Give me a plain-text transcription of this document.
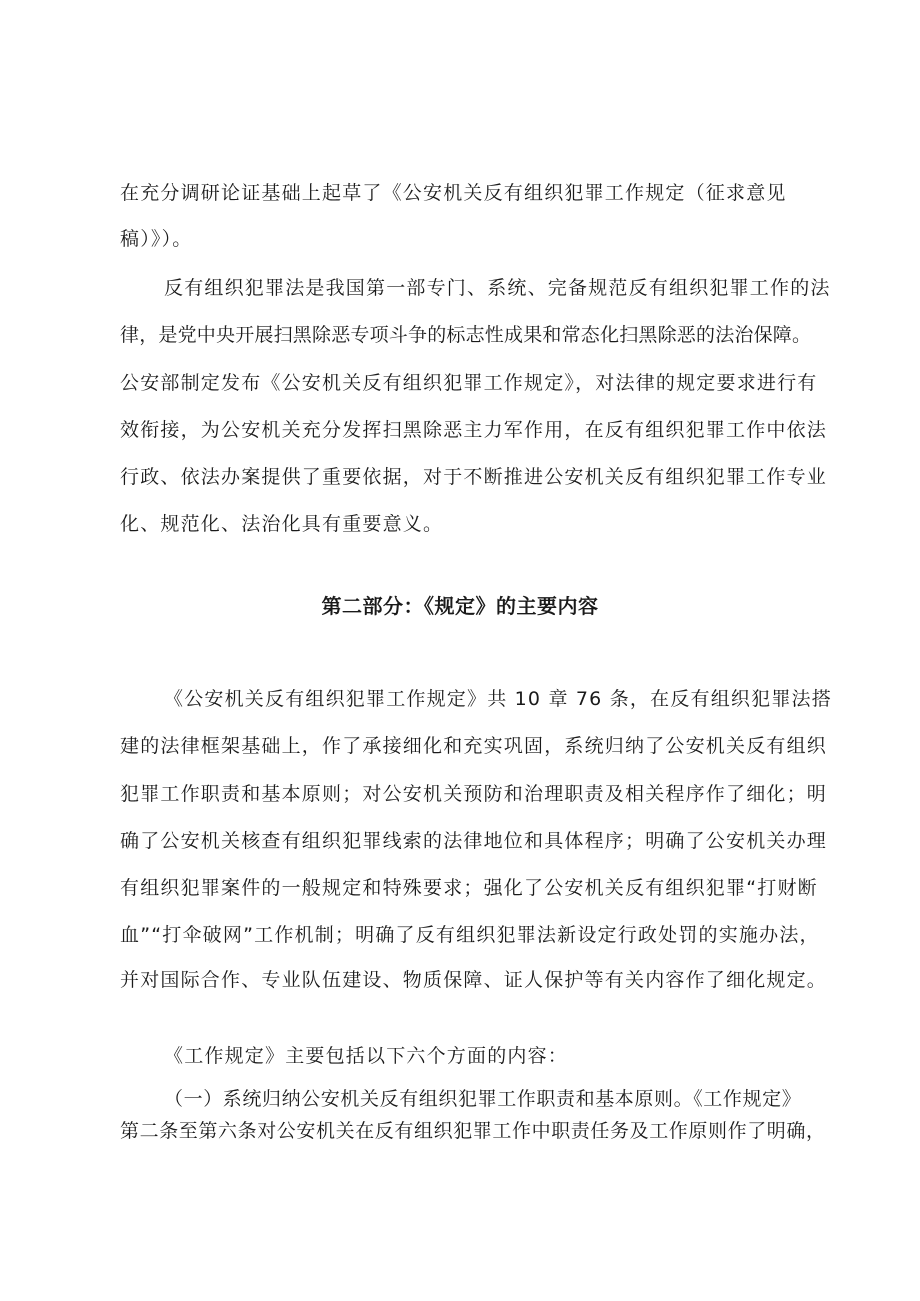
在充分调研论证基础上起草了《公安机关反有组织犯罪工作规定（征求意见
稿）》）。
反有组织犯罪法是我国第一部专门、系统、完备规范反有组织犯罪工作的法
律，是党中央开展扫黑除恶专项斗争的标志性成果和常态化扫黑除恶的法治保障。
公安部制定发布《公安机关反有组织犯罪工作规定》，对法律的规定要求进行有
效衔接，为公安机关充分发挥扫黑除恶主力军作用，在反有组织犯罪工作中依法
行政、依法办案提供了重要依据，对于不断推进公安机关反有组织犯罪工作专业
化、规范化、法治化具有重要意义。
第二部分：《规定》的主要内容
《公安机关反有组织犯罪工作规定》共 10 章 76 条，在反有组织犯罪法搭
建的法律框架基础上，作了承接细化和充实巩固，系统归纳了公安机关反有组织
犯罪工作职责和基本原则；对公安机关预防和治理职责及相关程序作了细化；明
确了公安机关核查有组织犯罪线索的法律地位和具体程序；明确了公安机关办理
有组织犯罪案件的一般规定和特殊要求；强化了公安机关反有组织犯罪“打财断
血”“打伞破网”工作机制；明确了反有组织犯罪法新设定行政处罚的实施办法，
并对国际合作、专业队伍建设、物质保障、证人保护等有关内容作了细化规定。
《工作规定》主要包括以下六个方面的内容：
（一）系统归纳公安机关反有组织犯罪工作职责和基本原则。《工作规定》
第二条至第六条对公安机关在反有组织犯罪工作中职责任务及工作原则作了明确，
